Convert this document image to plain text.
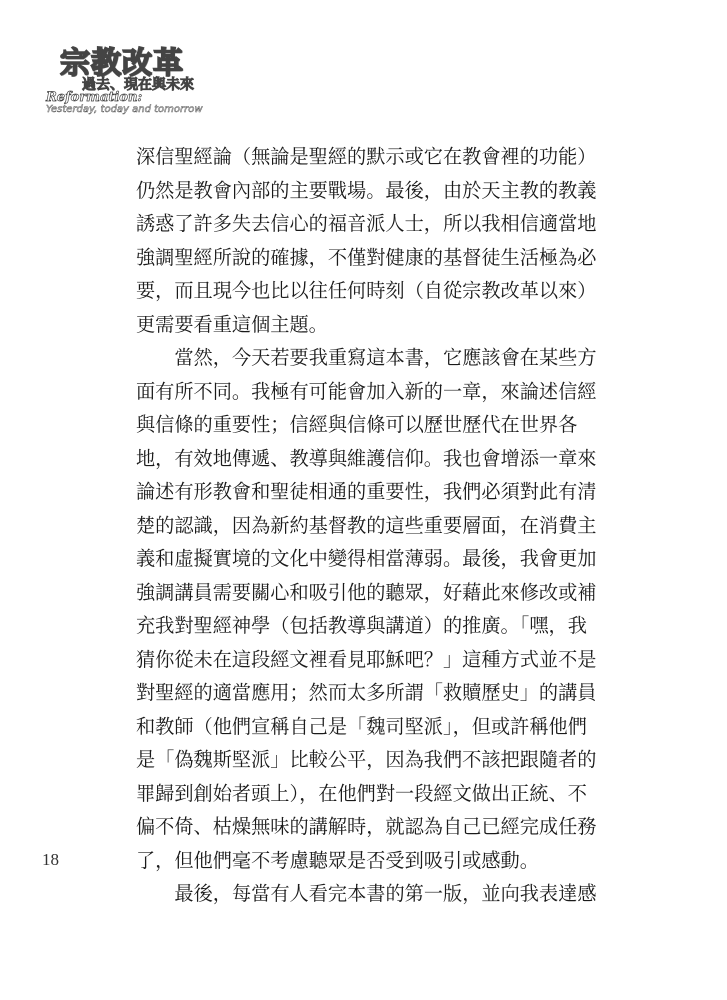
宗教改革
過去、現在與未來
Reformation:
Yesterday, today and tomorrow

深信聖經論（無論是聖經的默示或它在教會裡的功能）仍然是教會內部的主要戰場。最後，由於天主教的教義誘惑了許多失去信心的福音派人士，所以我相信適當地強調聖經所說的確據，不僅對健康的基督徒生活極為必要，而且現今也比以往任何時刻（自從宗教改革以來）更需要看重這個主題。

當然，今天若要我重寫這本書，它應該會在某些方面有所不同。我極有可能會加入新的一章，來論述信經與信條的重要性；信經與信條可以歷世歷代在世界各地，有效地傳遞、教導與維護信仰。我也會增添一章來論述有形教會和聖徒相通的重要性，我們必須對此有清楚的認識，因為新約基督教的這些重要層面，在消費主義和虛擬實境的文化中變得相當薄弱。最後，我會更加強調講員需要關心和吸引他的聽眾，好藉此來修改或補充我對聖經神學（包括教導與講道）的推廣。「嘿，我猜你從未在這段經文裡看見耶穌吧？」這種方式並不是對聖經的適當應用；然而太多所謂「救贖歷史」的講員和教師（他們宣稱自己是「魏司堅派」，但或許稱他們是「偽魏斯堅派」比較公平，因為我們不該把跟隨者的罪歸到創始者頭上），在他們對一段經文做出正統、不偏不倚、枯燥無味的講解時，就認為自己已經完成任務了，但他們毫不考慮聽眾是否受到吸引或感動。

最後，每當有人看完本書的第一版，並向我表達感

18
